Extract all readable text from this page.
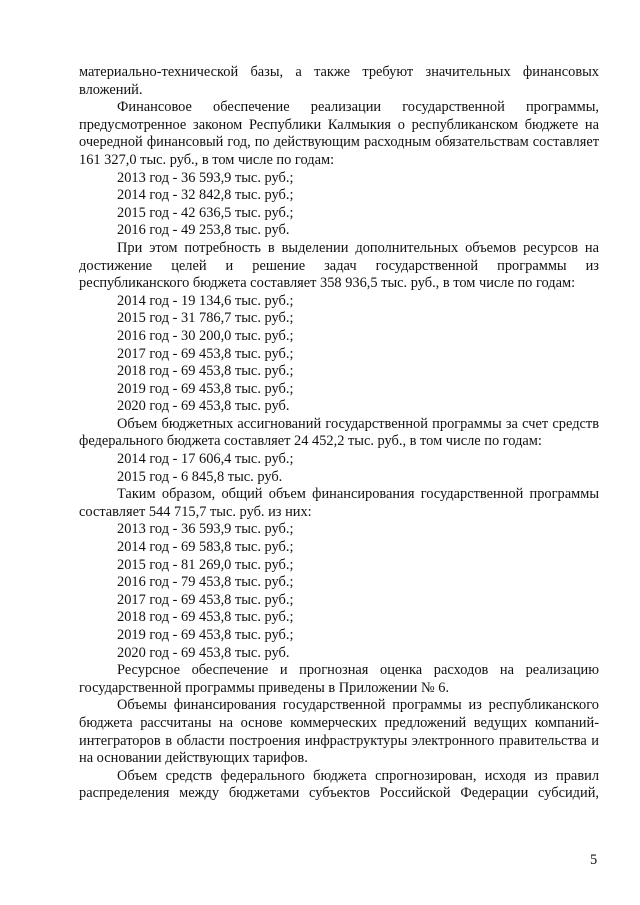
материально-технической базы, а также требуют значительных финансовых вложений.

Финансовое обеспечение реализации государственной программы, предусмотренное законом Республики Калмыкия о республиканском бюджете на очередной финансовый год, по действующим расходным обязательствам составляет 161 327,0 тыс. руб., в том числе по годам:

2013 год - 36 593,9 тыс. руб.;
2014 год - 32 842,8 тыс. руб.;
2015 год - 42 636,5 тыс. руб.;
2016 год - 49 253,8 тыс. руб.

При этом потребность в выделении дополнительных объемов ресурсов на достижение целей и решение задач государственной программы из республиканского бюджета составляет 358 936,5 тыс. руб., в том числе по годам:

2014 год - 19 134,6 тыс. руб.;
2015 год - 31 786,7 тыс. руб.;
2016 год - 30 200,0 тыс. руб.;
2017 год - 69 453,8 тыс. руб.;
2018 год - 69 453,8 тыс. руб.;
2019 год - 69 453,8 тыс. руб.;
2020 год - 69 453,8 тыс. руб.

Объем бюджетных ассигнований государственной программы за счет средств федерального бюджета составляет 24 452,2 тыс. руб., в том числе по годам:

2014 год - 17 606,4 тыс. руб.;
2015 год - 6 845,8 тыс. руб.

Таким образом, общий объем финансирования государственной программы составляет 544 715,7 тыс. руб. из них:

2013 год - 36 593,9 тыс. руб.;
2014 год - 69 583,8 тыс. руб.;
2015 год - 81 269,0 тыс. руб.;
2016 год - 79 453,8 тыс. руб.;
2017 год - 69 453,8 тыс. руб.;
2018 год - 69 453,8 тыс. руб.;
2019 год - 69 453,8 тыс. руб.;
2020 год - 69 453,8 тыс. руб.

Ресурсное обеспечение и прогнозная оценка расходов на реализацию государственной программы приведены в Приложении № 6.

Объемы финансирования государственной программы из республиканского бюджета рассчитаны на основе коммерческих предложений ведущих компаний-интеграторов в области построения инфраструктуры электронного правительства и на основании действующих тарифов.

Объем средств федерального бюджета спрогнозирован, исходя из правил распределения между бюджетами субъектов Российской Федерации субсидий,

5
